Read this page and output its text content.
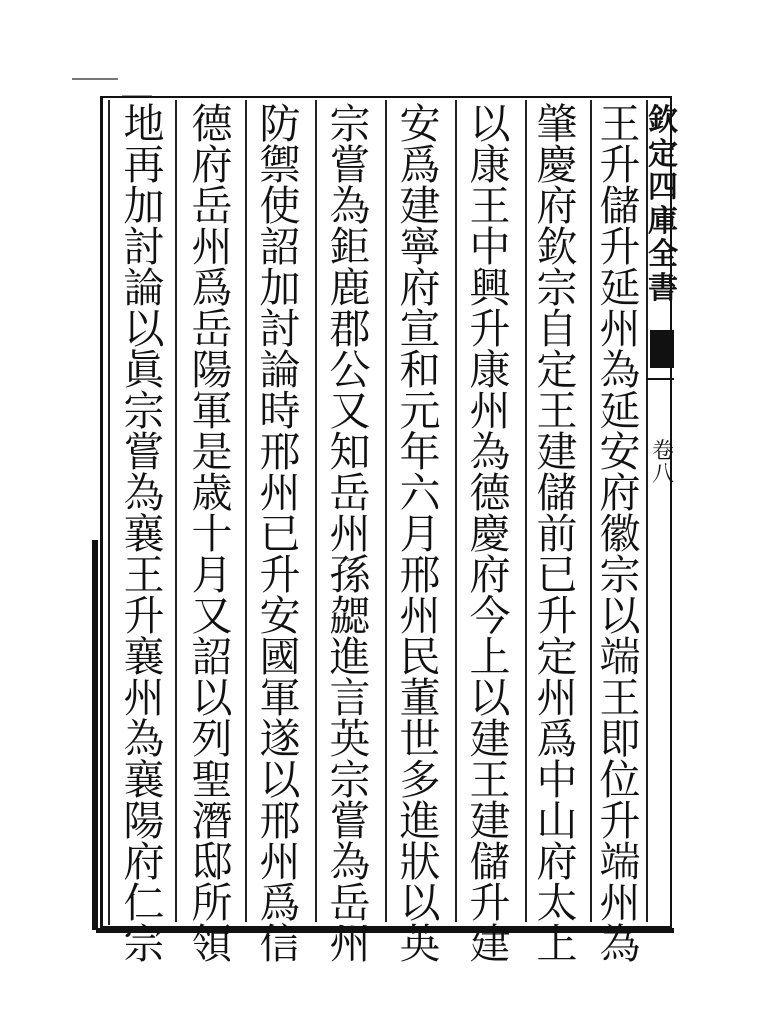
欽
定
四
庫
全
書
卷
八
王
升
儲
升
延
州
為
延
安
府
徽
宗
以
端
王
即
位
升
端
州
為
肇
慶
府
欽
宗
自
定
王
建
儲
前
已
升
定
州
爲
中
山
府
太
上
以
康
王
中
興
升
康
州
為
德
慶
府
今
上
以
建
王
建
儲
升
建
安
爲
建
寧
府
宣
和
元
年
六
月
邢
州
民
董
世
多
進
狀
以
英
宗
嘗
為
鉅
鹿
郡
公
又
知
岳
州
孫
勰
進
言
英
宗
嘗
為
岳
州
防
禦
使
詔
加
討
論
時
邢
州
已
升
安
國
軍
遂
以
邢
州
爲
信
德
府
岳
州
爲
岳
陽
軍
是
歳
十
月
又
詔
以
列
聖
潛
邸
所
領
地
再
加
討
論
以
眞
宗
嘗
為
襄
王
升
襄
州
為
襄
陽
府
仁
宗
